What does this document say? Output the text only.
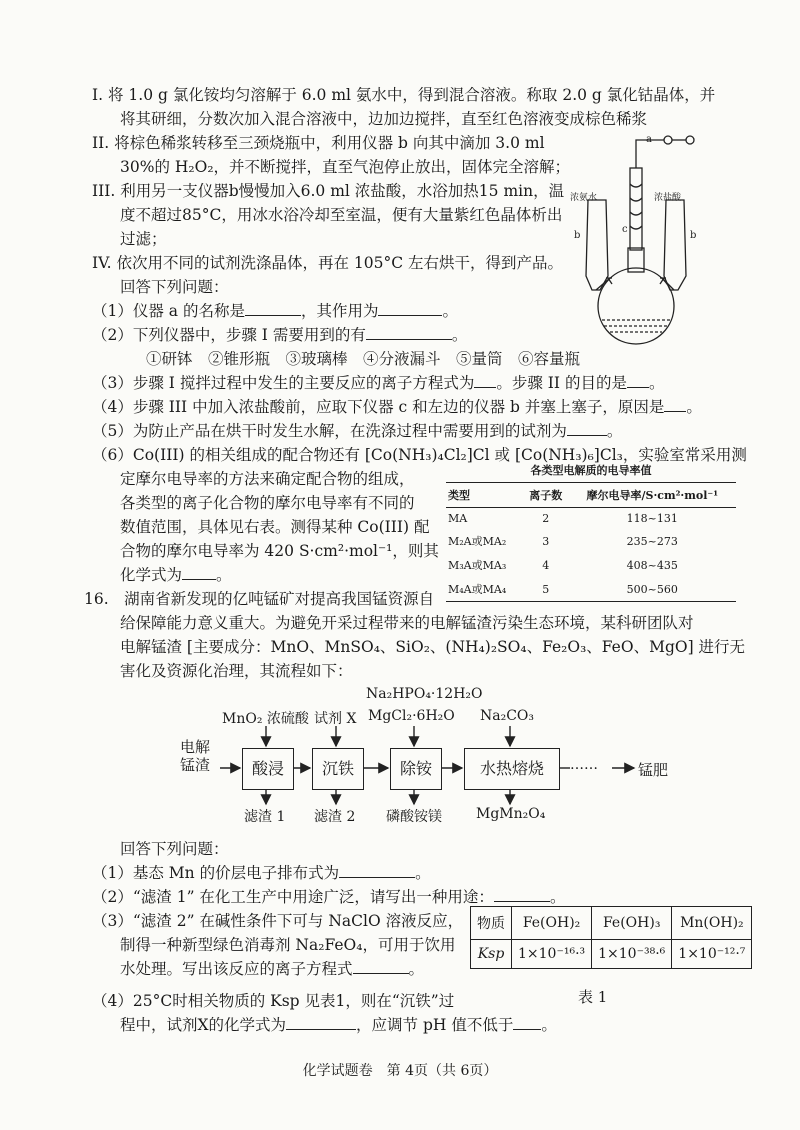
I. 将 1.0 g 氯化铵均匀溶解于 6.0 ml 氨水中，得到混合溶液。称取 2.0 g 氯化钴晶体，并
将其研细，分数次加入混合溶液中，边加边搅拌，直至红色溶液变成棕色稀浆
II. 将棕色稀浆转移至三颈烧瓶中，利用仪器 b 向其中滴加 3.0 ml
30%的 H₂O₂，并不断搅拌，直至气泡停止放出，固体完全溶解；
III. 利用另一支仪器b慢慢加入6.0 ml 浓盐酸，水浴加热15 min，温
度不超过85°C，用冰水浴冷却至室温，便有大量紫红色晶体析出
过滤；
IV. 依次用不同的试剂洗涤晶体，再在 105°C 左右烘干，得到产品。
回答下列问题：
浓氨水	浓盐酸
a
b
c
b
（1）仪器 a 的名称是	，其作用为	。
（2）下列仪器中，步骤 I 需要用到的有	。
①研钵　②锥形瓶　③玻璃棒　④分液漏斗　⑤量筒　⑥容量瓶
（3）步骤 I 搅拌过程中发生的主要反应的离子方程式为 。步骤 II 的目的是 。
（4）步骤 III 中加入浓盐酸前，应取下仪器 c 和左边的仪器 b 并塞上塞子，原因是 。
（5）为防止产品在烘干时发生水解，在洗涤过程中需要用到的试剂为	。
（6）Co(III) 的相关组成的配合物还有 [Co(NH₃)₄Cl₂]Cl 或 [Co(NH₃)₆]Cl₃，实验室常采用测
定摩尔电导率的方法来确定配合物的组成，
各类型的离子化合物的摩尔电导率有不同的
数值范围，具体见右表。测得某种 Co(III) 配
合物的摩尔电导率为 420 S·cm²·mol⁻¹，则其
化学式为 。
各类型电解质的电导率值
类型	离子数	摩尔电导率/S·cm²·mol⁻¹
MA	2	118~131
M₂A或MA₂	3	235~273
M₃A或MA₃	4	408~435
M₄A或MA₄	5	500~560
16.　湖南省新发现的亿吨锰矿对提高我国锰资源自
给保障能力意义重大。为避免开采过程带来的电解锰渣污染生态环境，某科研团队对
电解锰渣 [主要成分：MnO、MnSO₄、SiO₂、(NH₄)₂SO₄、Fe₂O₃、FeO、MgO] 进行无
害化及资源化治理，其流程如下：
电解
锰渣	酸浸	沉铁	除铵	水热熔烧	……	锰肥
MnO₂ 浓硫酸 试剂 X
Na₂HPO₄·12H₂O
MgCl₂·6H₂O Na₂CO₃
滤渣 1 滤渣 2 磷酸铵镁 MgMn₂O₄
回答下列问题：
（1）基态 Mn 的价层电子排布式为	。
（2）“滤渣 1” 在化工生产中用途广泛，请写出一种用途：	。
（3）“滤渣 2” 在碱性条件下可与 NaClO 溶液反应，
制得一种新型绿色消毒剂 Na₂FeO₄，可用于饮用
水处理。写出该反应的离子方程式	。
（4）25°C时相关物质的 Ksp 见表1，则在“沉铁”过
程中，试剂X的化学式为	，应调节 pH 值不低于 。
物质	Fe(OH)₂	Fe(OH)₃	Mn(OH)₂
Ksp	1×10⁻¹⁶·³	1×10⁻³⁸·⁶	1×10⁻¹²·⁷
表 1
化学试题卷　第 4页（共 6页）
